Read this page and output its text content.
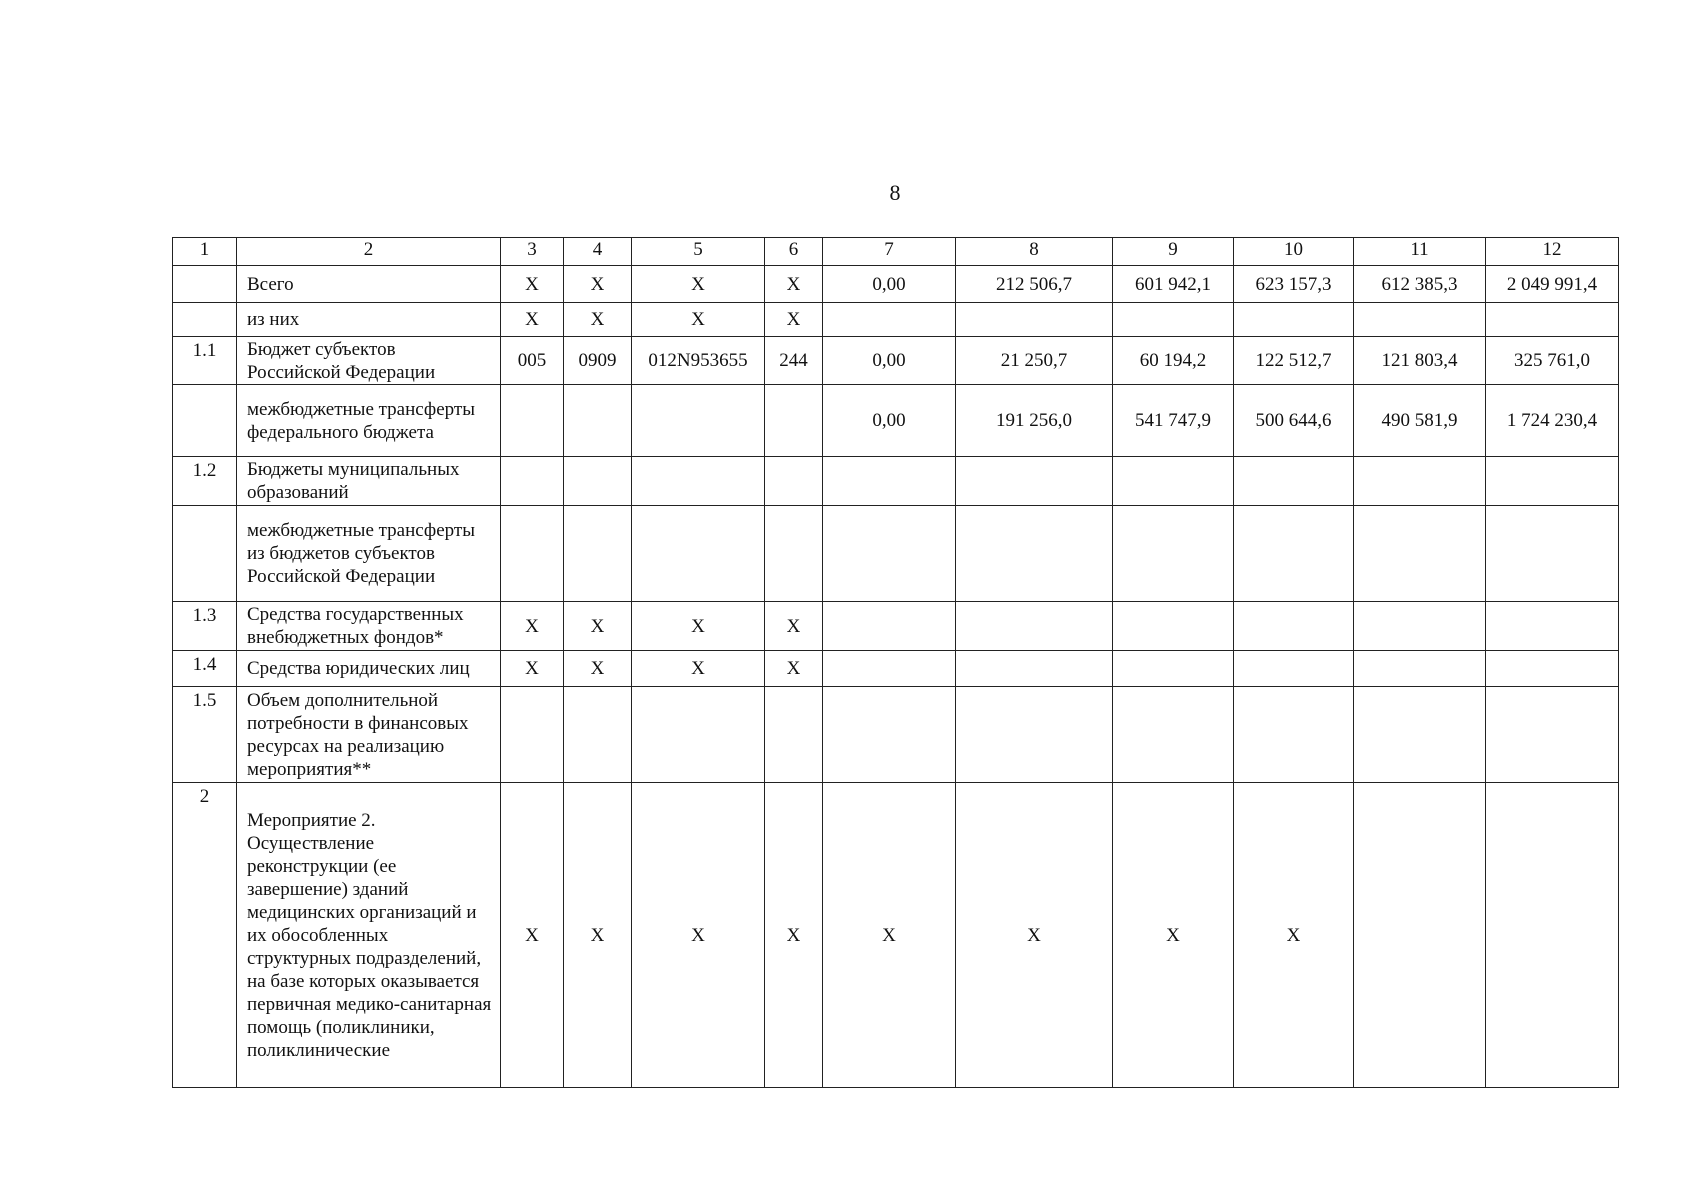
8
1	2	3	4	5	6	7	8	9	10	11	12
	Всего	Х	Х	Х	Х	0,00	212 506,7	601 942,1	623 157,3	612 385,3	2 049 991,4
	из них	Х	Х	Х	Х						
1.1	Бюджет субъектов Российской Федерации	005	0909	012N953655	244	0,00	21 250,7	60 194,2	122 512,7	121 803,4	325 761,0
	межбюджетные трансферты федерального бюджета					0,00	191 256,0	541 747,9	500 644,6	490 581,9	1 724 230,4
1.2	Бюджеты муниципальных образований										
	межбюджетные трансферты из бюджетов субъектов Российской Федерации										
1.3	Средства государственных внебюджетных фондов*	Х	Х	Х	Х						
1.4	Средства юридических лиц	Х	Х	Х	Х						
1.5	Объем дополнительной потребности в финансовых ресурсах на реализацию мероприятия**										
2	Мероприятие 2. Осуществление реконструкции (ее завершение) зданий медицинских организаций и их обособленных структурных подразделений, на базе которых оказывается первичная медико-санитарная помощь (поликлиники, поликлинические	Х	Х	Х	Х	Х	Х	Х	Х		
